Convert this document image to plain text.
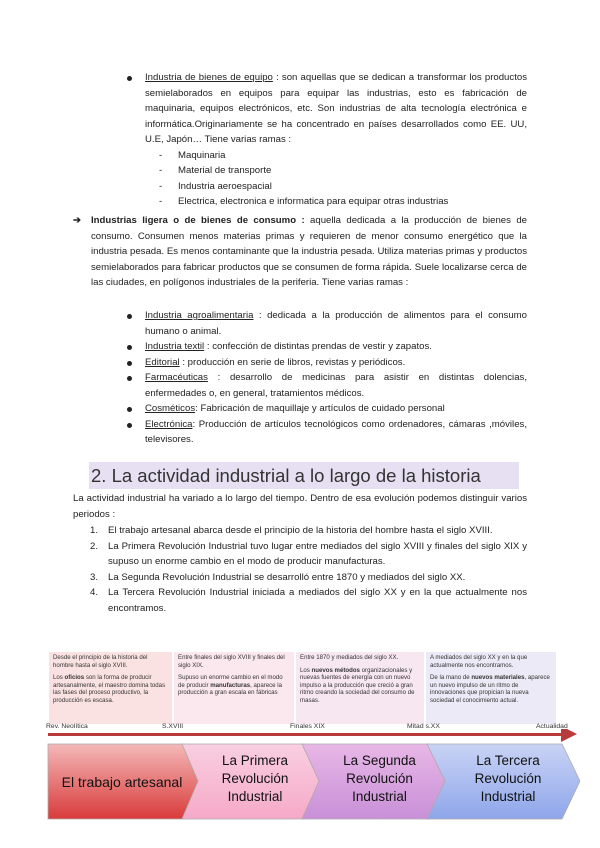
Industria de bienes de equipo : son aquellas que se dedican a transformar los productos semielaborados en equipos para equipar las industrias, esto es fabricación de maquinaria, equipos electrónicos, etc. Son industrias de alta tecnología electrónica e informática.Originariamente se ha concentrado en países desarrollados como EE. UU, U.E, Japón… Tiene varias ramas :
- Maquinaria
- Material de transporte
- Industria aeroespacial
- Electrica, electronica e informatica para equipar otras industrias
➔ Industrias ligera o de bienes de consumo : aquella dedicada a la producción de bienes de consumo. Consumen menos materias primas y requieren de menor consumo energético que la industria pesada. Es menos contaminante que la industria pesada. Utiliza materias primas y productos semielaborados para fabricar productos que se consumen de forma rápida. Suele localizarse cerca de las ciudades, en polígonos industriales de la periferia. Tiene varias ramas :
Industria agroalimentaria : dedicada a la producción de alimentos para el consumo humano o animal.
Industria textil : confección de distintas prendas de vestir y zapatos.
Editorial : producción en serie de libros, revistas y periódicos.
Farmacéuticas : desarrollo de medicinas para asistir en distintas dolencias, enfermedades o, en general, tratamientos médicos.
Cosméticos: Fabricación de maquillaje y artículos de cuidado personal
Electrónica: Producción de artículos tecnológicos como ordenadores, cámaras ,móviles, televisores.
2. La actividad industrial a lo largo de la historia
La actividad industrial ha variado a lo largo del tiempo. Dentro de esa evolución podemos distinguir varios periodos :
1. El trabajo artesanal abarca desde el principio de la historia del hombre hasta el siglo XVIII.
2. La Primera Revolución Industrial tuvo lugar entre mediados del siglo XVIII y finales del siglo XIX y supuso un enorme cambio en el modo de producir manufacturas.
3. La Segunda Revolución Industrial se desarrolló entre 1870 y mediados del siglo XX.
4. La Tercera Revolución Industrial iniciada a mediados del siglo XX y en la que actualmente nos encontramos.

Desde el principio de la historia del hombre hasta el siglo XVIII.

Los oficios son la forma de producir artesanalmente, el maestro domina todas las fases del proceso productivo, la producción es escasa.

Entre finales del siglo XVIII y finales del siglo XIX.

Supuso un enorme cambio en el modo de producir manufacturas, aparece la producción a gran escala en fábricas

Entre 1870 y mediados del siglo XX.

Los nuevos métodos organizacionales y nuevas fuentes de energía con un nuevo impulso a la producción que creció a gran ritmo creando la sociedad del consumo de masas.

A mediados del siglo XX y en la que actualmente nos encontramos.

De la mano de nuevos materiales, aparece un nuevo impulso de un ritmo de innovaciones que propician la nueva sociedad el conocimiento actual.

Rev. Neolítica	S.XVIII	Finales XIX	Mitad s.XX	Actualidad
El trabajo artesanal
La Primera
Revolución
Industrial
La Segunda
Revolución
Industrial
La Tercera
Revolución
Industrial
